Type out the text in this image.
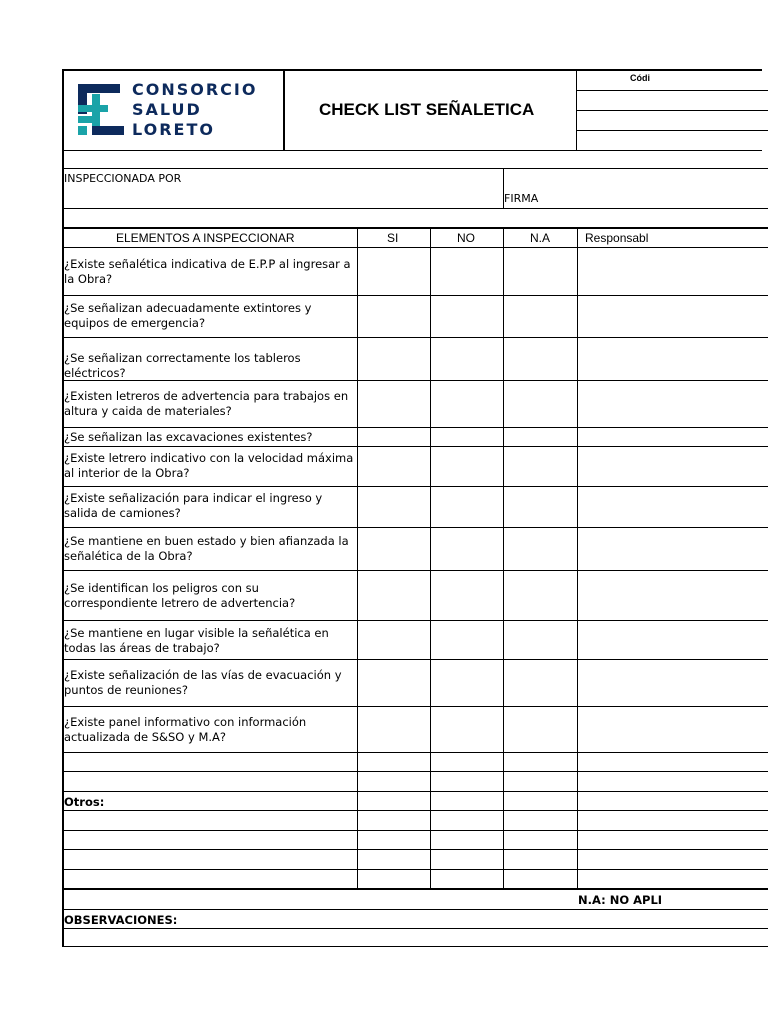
Códi
CONSORCIO
SALUD
LORETO
CHECK LIST SEÑALETICA
INSPECCIONADA POR
FIRMA
ELEMENTOS A INSPECCIONAR	SI	NO	N.A	Responsabl
¿Existe señalética indicativa de E.P.P al ingresar a la Obra?
¿Se señalizan adecuadamente extintores y equipos de emergencia?
¿Se señalizan correctamente los tableros eléctricos?
¿Existen letreros de advertencia para trabajos en altura y caida de materiales?
¿Se señalizan las excavaciones existentes?
¿Existe letrero indicativo con la velocidad máxima al interior de la Obra?
¿Existe señalización para indicar el ingreso y salida de camiones?
¿Se mantiene en buen estado y bien afianzada la señalética de la Obra?
¿Se identifican los peligros con su correspondiente letrero de advertencia?
¿Se mantiene en lugar visible la señalética en todas las áreas de trabajo?
¿Existe señalización de las vías de evacuación y puntos de reuniones?
¿Existe panel informativo con información actualizada de S&SO y M.A?
Otros:
N.A: NO APLI
OBSERVACIONES:
